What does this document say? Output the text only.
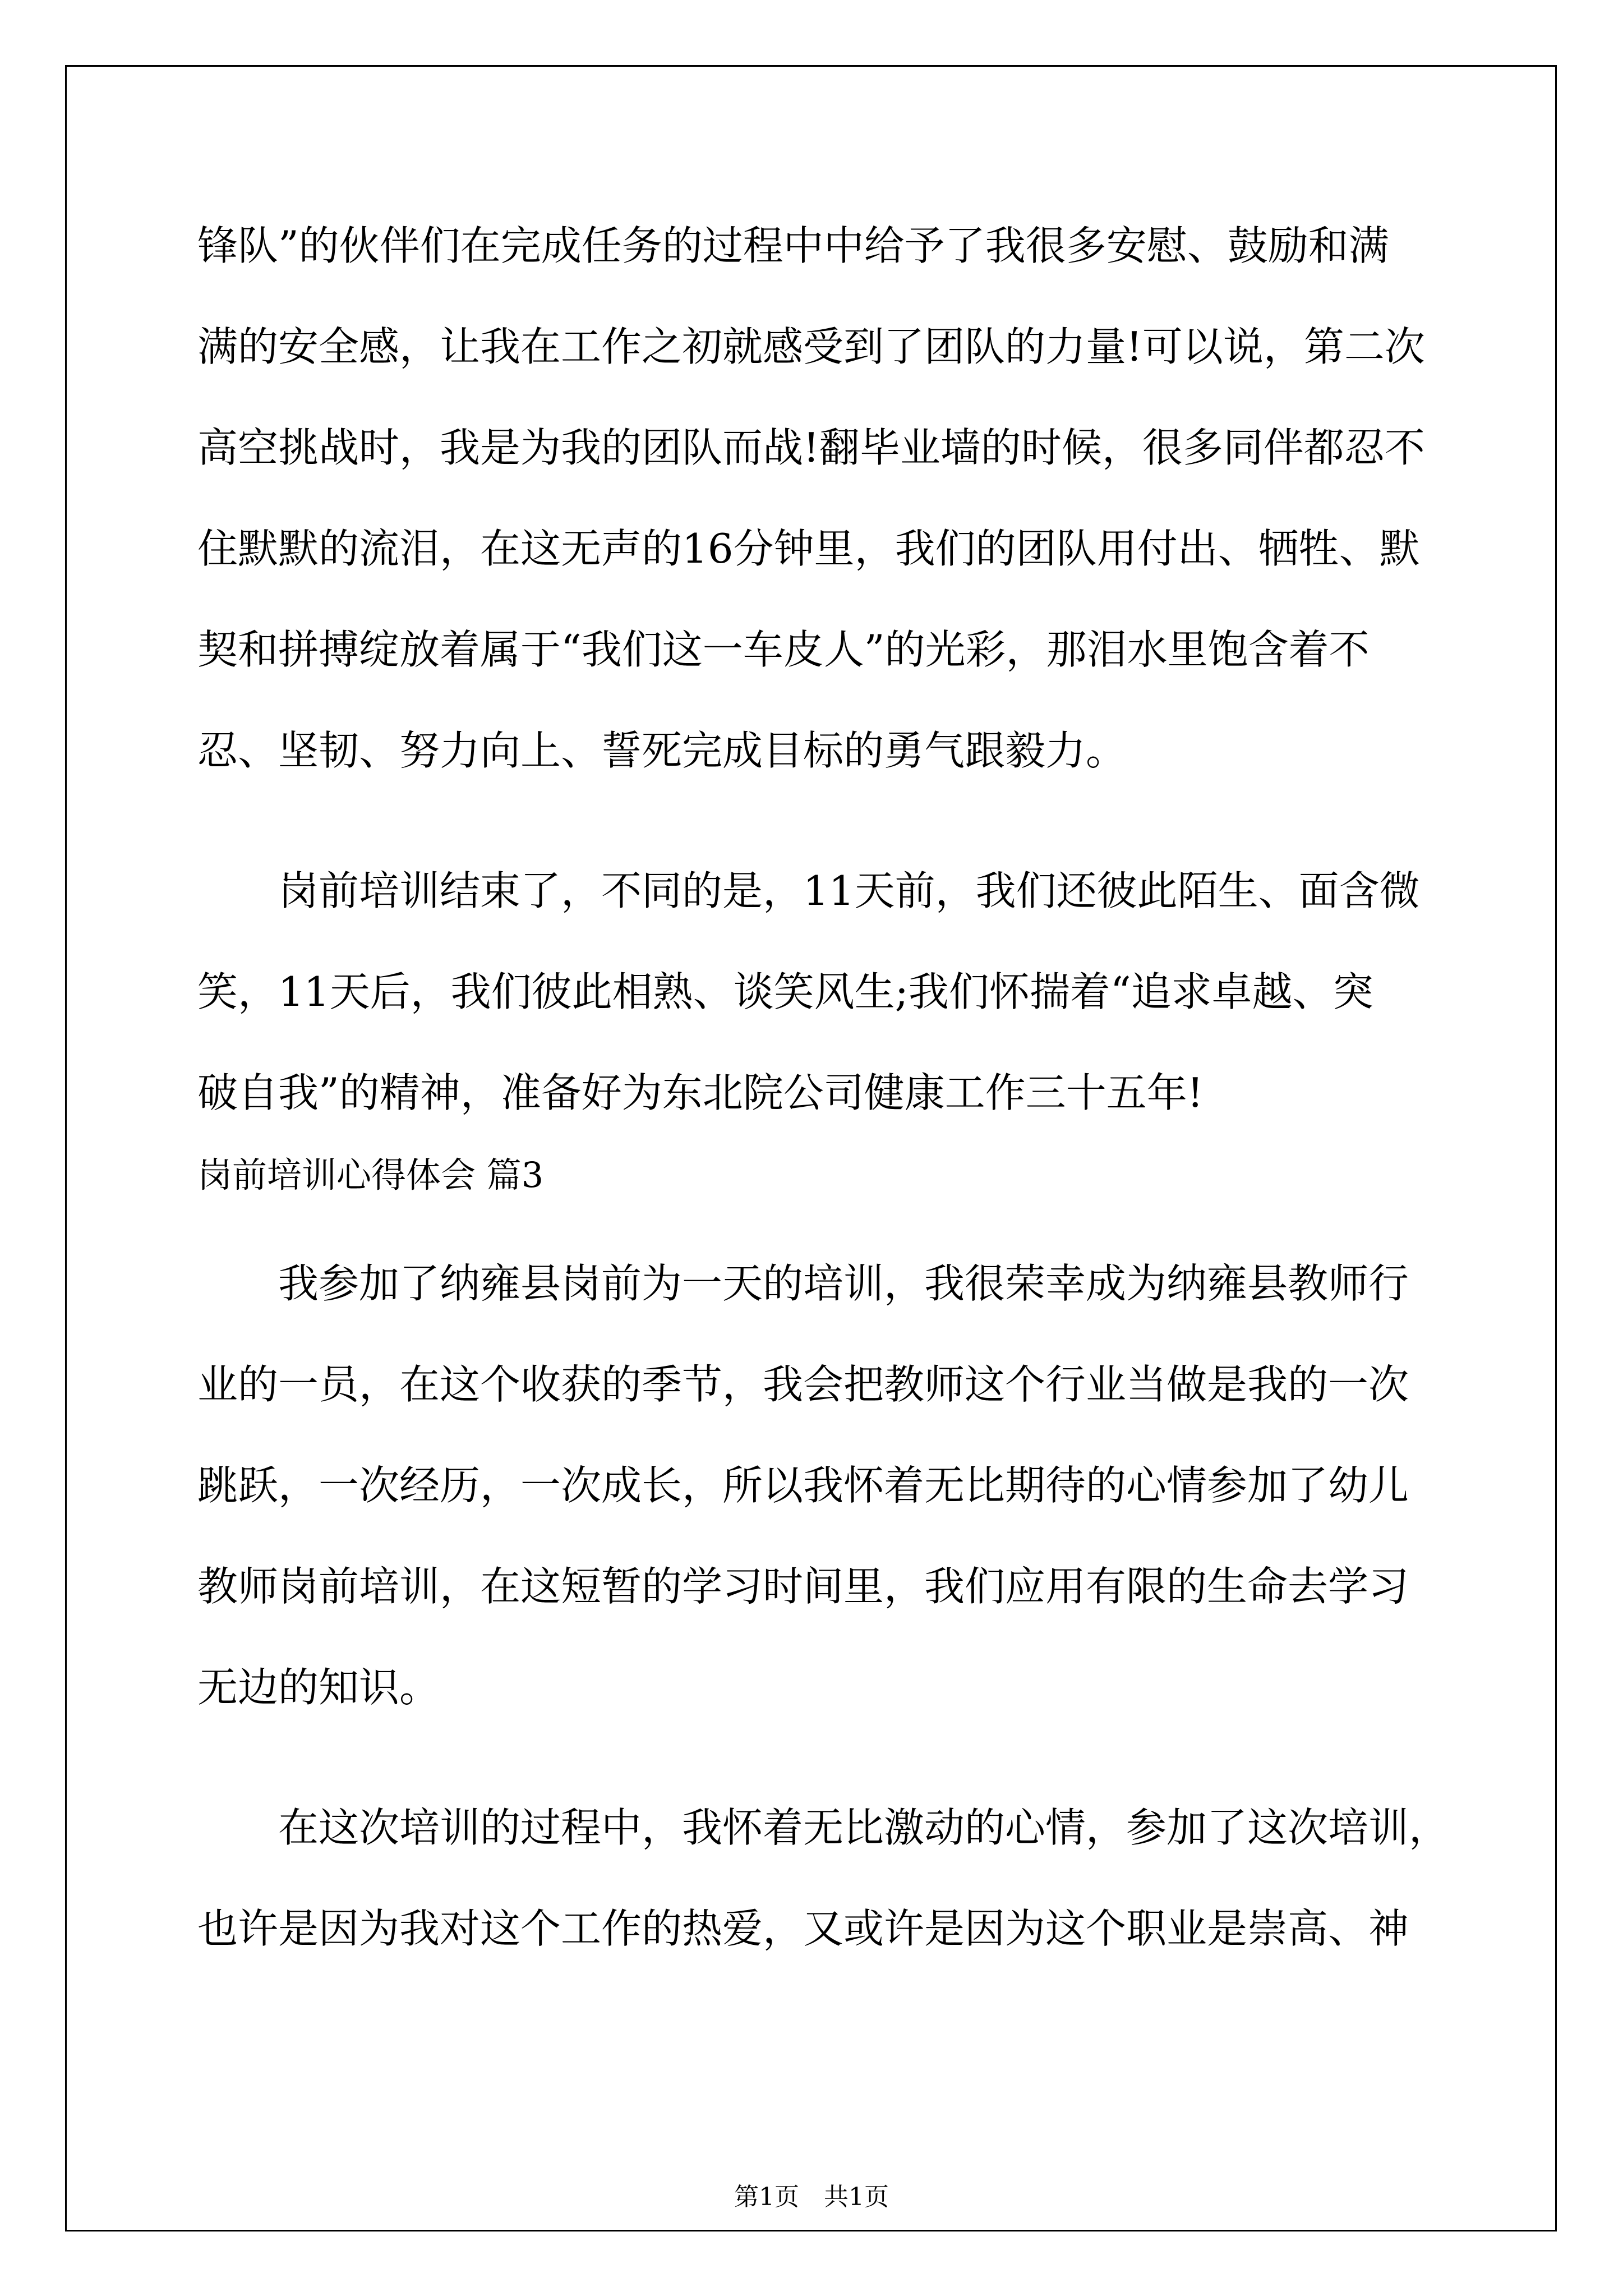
锋队”的伙伴们在完成任务的过程中中给予了我很多安慰、鼓励和满
满的安全感，让我在工作之初就感受到了团队的力量!可以说，第二次
高空挑战时，我是为我的团队而战!翻毕业墙的时候，很多同伴都忍不
住默默的流泪，在这无声的16分钟里，我们的团队用付出、牺牲、默
契和拼搏绽放着属于“我们这一车皮人”的光彩，那泪水里饱含着不
忍、坚韧、努力向上、誓死完成目标的勇气跟毅力。
岗前培训结束了，不同的是，11天前，我们还彼此陌生、面含微
笑，11天后，我们彼此相熟、谈笑风生;我们怀揣着“追求卓越、突
破自我”的精神，准备好为东北院公司健康工作三十五年!
岗前培训心得体会 篇3
我参加了纳雍县岗前为一天的培训，我很荣幸成为纳雍县教师行
业的一员，在这个收获的季节，我会把教师这个行业当做是我的一次
跳跃，一次经历，一次成长，所以我怀着无比期待的心情参加了幼儿
教师岗前培训，在这短暂的学习时间里，我们应用有限的生命去学习
无边的知识。
在这次培训的过程中，我怀着无比激动的心情，参加了这次培训，
也许是因为我对这个工作的热爱，又或许是因为这个职业是崇高、神
第1页　共1页
